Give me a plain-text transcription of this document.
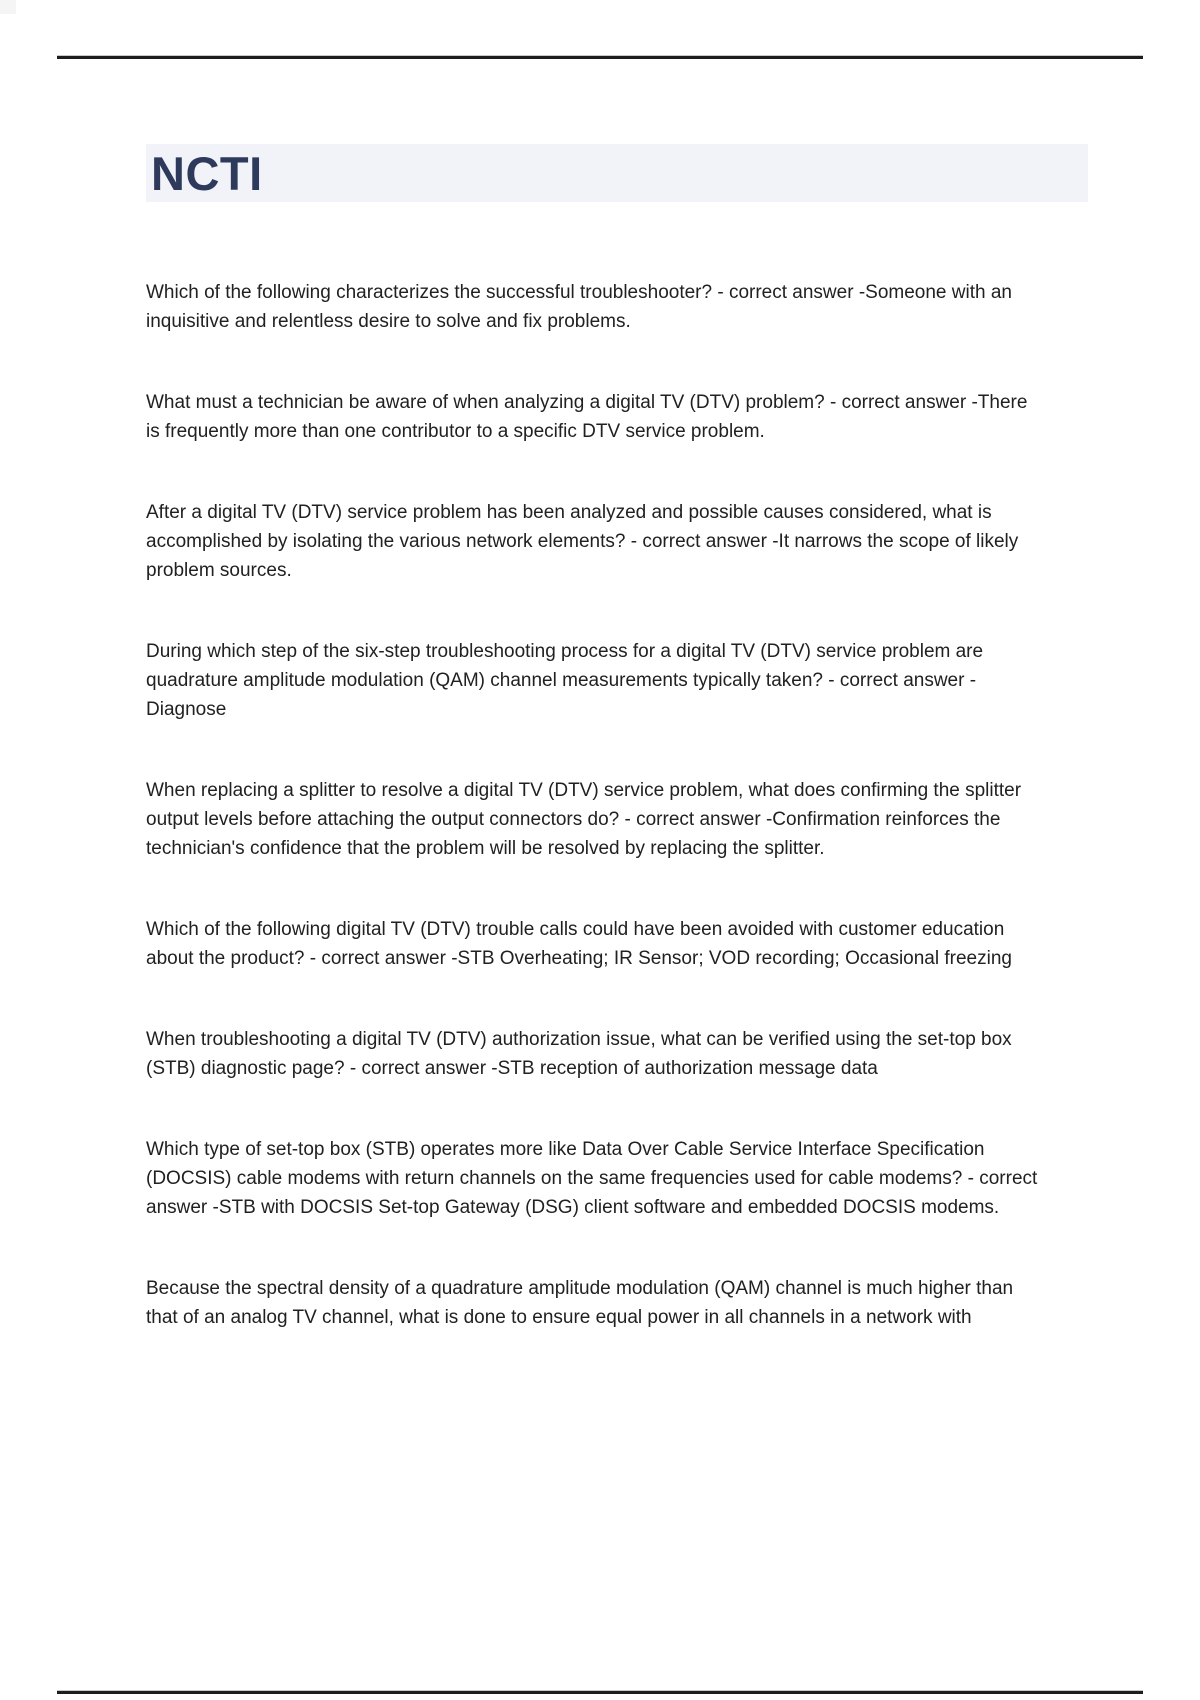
NCTI

Which of the following characterizes the successful troubleshooter? - correct answer -Someone with an
inquisitive and relentless desire to solve and fix problems.

What must a technician be aware of when analyzing a digital TV (DTV) problem? - correct answer -There
is frequently more than one contributor to a specific DTV service problem.

After a digital TV (DTV) service problem has been analyzed and possible causes considered, what is
accomplished by isolating the various network elements? - correct answer -It narrows the scope of likely
problem sources.

During which step of the six-step troubleshooting process for a digital TV (DTV) service problem are
quadrature amplitude modulation (QAM) channel measurements typically taken? - correct answer -
Diagnose

When replacing a splitter to resolve a digital TV (DTV) service problem, what does confirming the splitter
output levels before attaching the output connectors do? - correct answer -Confirmation reinforces the
technician's confidence that the problem will be resolved by replacing the splitter.

Which of the following digital TV (DTV) trouble calls could have been avoided with customer education
about the product? - correct answer -STB Overheating; IR Sensor; VOD recording; Occasional freezing

When troubleshooting a digital TV (DTV) authorization issue, what can be verified using the set-top box
(STB) diagnostic page? - correct answer -STB reception of authorization message data

Which type of set-top box (STB) operates more like Data Over Cable Service Interface Specification
(DOCSIS) cable modems with return channels on the same frequencies used for cable modems? - correct
answer -STB with DOCSIS Set-top Gateway (DSG) client software and embedded DOCSIS modems.

Because the spectral density of a quadrature amplitude modulation (QAM) channel is much higher than
that of an analog TV channel, what is done to ensure equal power in all channels in a network with
